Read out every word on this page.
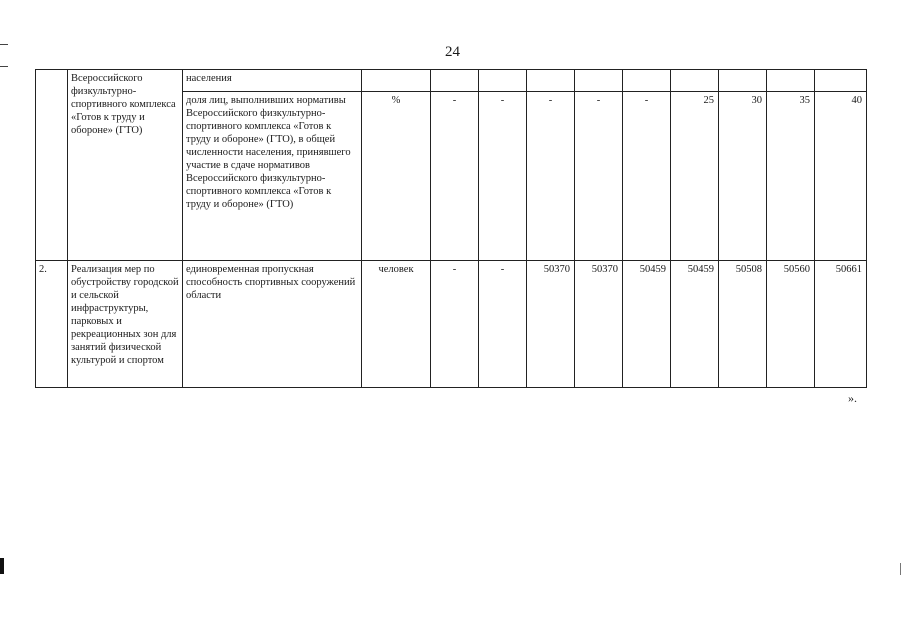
24
	Всероссийского физкультурно-спортивного комплекса «Готов к труду и обороне» (ГТО)	населения										
		доля лиц, выполнивших нормативы Всероссийского физкультурно-спортивного комплекса «Готов к труду и обороне» (ГТО), в общей численности населения, принявшего участие в сдаче нормативов Всероссийского физкультурно-спортивного комплекса «Готов к труду и обороне» (ГТО)	%	-	-	-	-	-	25	30	35	40
2.	Реализация мер по обустройству городской и сельской инфраструктуры, парковых и рекреационных зон для занятий физической культурой и спортом	единовременная пропускная способность спортивных сооружений области	человек	-	-	50370	50370	50459	50459	50508	50560	50661
».
